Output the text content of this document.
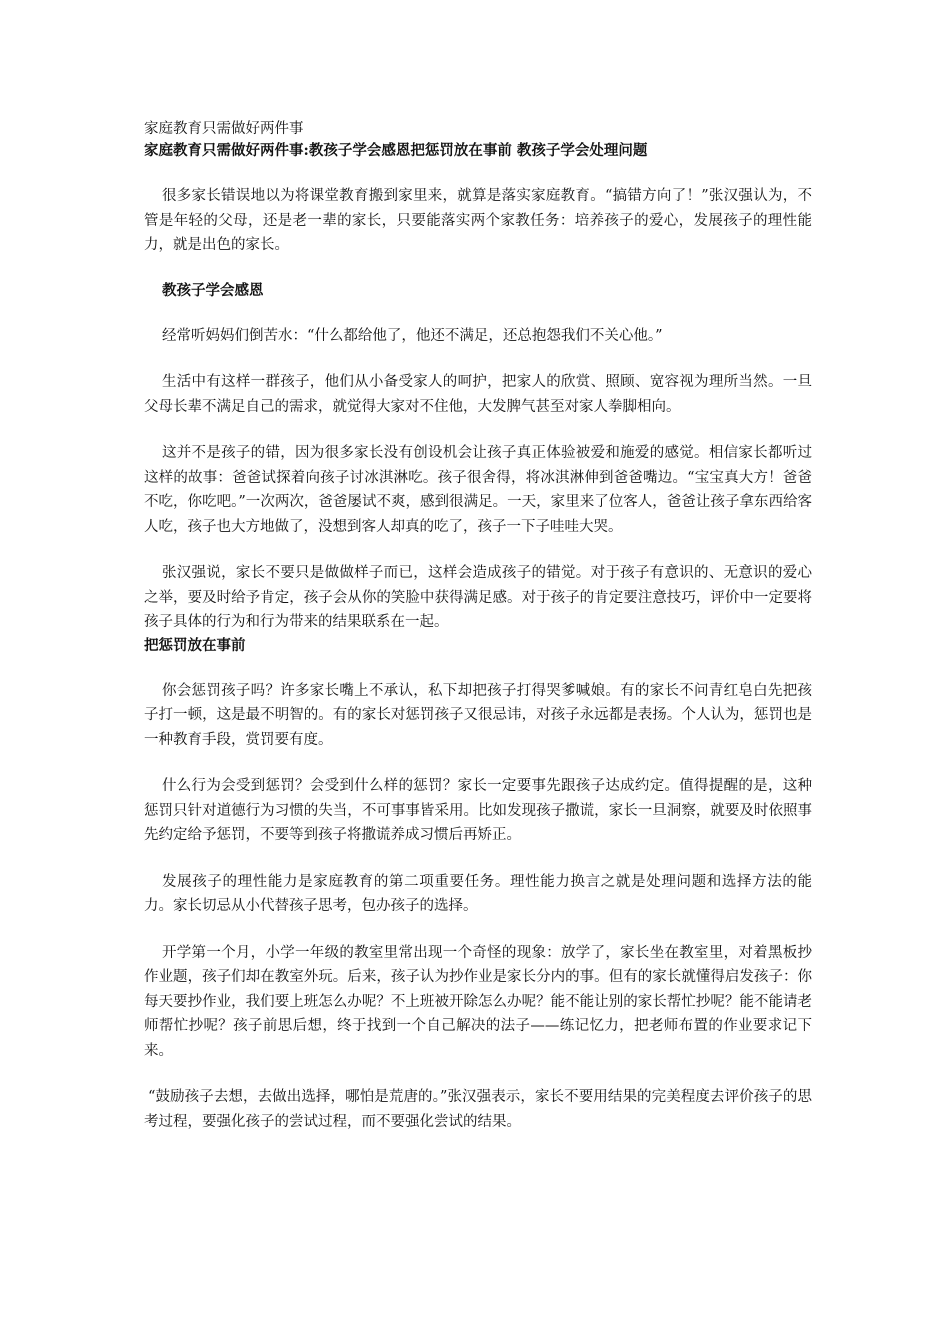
家庭教育只需做好两件事

家庭教育只需做好两件事:教孩子学会感恩把惩罚放在事前 教孩子学会处理问题

很多家长错误地以为将课堂教育搬到家里来，就算是落实家庭教育。“搞错方向了！”张汉强认为，不管是年轻的父母，还是老一辈的家长，只要能落实两个家教任务：培养孩子的爱心，发展孩子的理性能力，就是出色的家长。

教孩子学会感恩

经常听妈妈们倒苦水：“什么都给他了，他还不满足，还总抱怨我们不关心他。”

生活中有这样一群孩子，他们从小备受家人的呵护，把家人的欣赏、照顾、宽容视为理所当然。一旦父母长辈不满足自己的需求，就觉得大家对不住他，大发脾气甚至对家人拳脚相向。

这并不是孩子的错，因为很多家长没有创设机会让孩子真正体验被爱和施爱的感觉。相信家长都听过这样的故事：爸爸试探着向孩子讨冰淇淋吃。孩子很舍得，将冰淇淋伸到爸爸嘴边。“宝宝真大方！爸爸不吃，你吃吧。”一次两次，爸爸屡试不爽，感到很满足。一天，家里来了位客人，爸爸让孩子拿东西给客人吃，孩子也大方地做了，没想到客人却真的吃了，孩子一下子哇哇大哭。

张汉强说，家长不要只是做做样子而已，这样会造成孩子的错觉。对于孩子有意识的、无意识的爱心之举，要及时给予肯定，孩子会从你的笑脸中获得满足感。对于孩子的肯定要注意技巧，评价中一定要将孩子具体的行为和行为带来的结果联系在一起。

把惩罚放在事前

你会惩罚孩子吗？许多家长嘴上不承认，私下却把孩子打得哭爹喊娘。有的家长不问青红皂白先把孩子打一顿，这是最不明智的。有的家长对惩罚孩子又很忌讳，对孩子永远都是表扬。个人认为，惩罚也是一种教育手段，赏罚要有度。

什么行为会受到惩罚？会受到什么样的惩罚？家长一定要事先跟孩子达成约定。值得提醒的是，这种惩罚只针对道德行为习惯的失当，不可事事皆采用。比如发现孩子撒谎，家长一旦洞察，就要及时依照事先约定给予惩罚，不要等到孩子将撒谎养成习惯后再矫正。

发展孩子的理性能力是家庭教育的第二项重要任务。理性能力换言之就是处理问题和选择方法的能力。家长切忌从小代替孩子思考，包办孩子的选择。

开学第一个月，小学一年级的教室里常出现一个奇怪的现象：放学了，家长坐在教室里，对着黑板抄作业题，孩子们却在教室外玩。后来，孩子认为抄作业是家长分内的事。但有的家长就懂得启发孩子：你每天要抄作业，我们要上班怎么办呢？不上班被开除怎么办呢？能不能让别的家长帮忙抄呢？能不能请老师帮忙抄呢？孩子前思后想，终于找到一个自己解决的法子——练记忆力，把老师布置的作业要求记下来。

“鼓励孩子去想，去做出选择，哪怕是荒唐的。”张汉强表示，家长不要用结果的完美程度去评价孩子的思考过程，要强化孩子的尝试过程，而不要强化尝试的结果。
